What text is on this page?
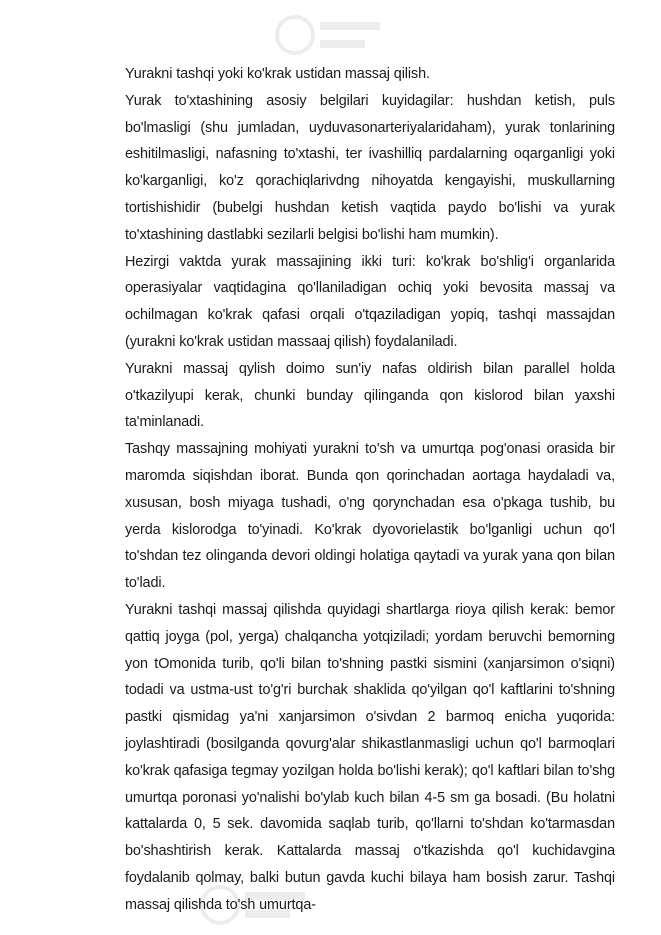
Yurakni tashqi yoki ko'krak ustidan massaj qilish.

Yurak to'xtashining asosiy belgilari kuyidagilar: hushdan ketish, puls bo'lmasligi (shu jumladan, uyduvasonarteriyalaridaham), yurak tonlarining eshitilmasligi, nafasning to'xtashi, ter ivashilliq pardalarning oqarganligi yoki ko'karganligi, ko'z qorachiqlarivdng nihoyatda kengayishi, muskullarning tortishishidir (bubelgi hushdan ketish vaqtida paydo bo'lishi va yurak to'xtashining dastlabki sezilarli belgisi bo'lishi ham mumkin).

Hezirgi vaktda yurak massajining ikki turi: ko'krak bo'shlig'i organlarida operasiyalar vaqtidagina qo'llaniladigan ochiq yoki bevosita massaj va ochilmagan ko'krak qafasi orqali o'tqaziladigan yopiq, tashqi massajdan (yurakni ko'krak ustidan massaaj qilish) foydalaniladi.

Yurakni massaj qylish doimo sun'iy nafas oldirish bilan parallel holda o'tkazilyupi kerak, chunki bunday qilinganda qon kislorod bilan yaxshi ta'minlanadi.

Tashqy massajning mohiyati yurakni to'sh va umurtqa pog'onasi orasida bir maromda siqishdan iborat. Bunda qon qorinchadan aortaga haydaladi va, xususan, bosh miyaga tushadi, o'ng qorynchadan esa o'pkaga tushib, bu yerda kislorodga to'yinadi. Ko'krak dyovorielastik bo'lganligi uchun qo'l to'shdan tez olinganda devori oldingi holatiga qaytadi va yurak yana qon bilan to'ladi.

Yurakni tashqi massaj qilishda quyidagi shartlarga rioya qilish kerak: bemor qattiq joyga (pol, yerga) chalqancha yotqiziladi; yordam beruvchi bemorning yon tOmonida turib, qo'li bilan to'shning pastki sismini (xanjarsimon o'siqni) todadi va ustma-ust to'g'ri burchak shaklida qo'yilgan qo'l kaftlarini to'shning pastki qismidag ya'ni xanjarsimon o'sivdan 2 barmoq enicha yuqorida: joylashtiradi (bosilganda qovurg'alar shikastlanmasligi uchun qo'l barmoqlari ko'krak qafasiga tegmay yozilgan holda bo'lishi kerak); qo'l kaftlari bilan to'shg umurtqa poronasi yo'nalishi bo'ylab kuch bilan 4-5 sm ga bosadi. (Bu holatni kattalarda 0, 5 sek. davomida saqlab turib, qo'llarni to'shdan ko'tarmasdan bo'shashtirish kerak. Kattalarda massaj o'tkazishda qo'l kuchidavgina foydalanib qolmay, balki butun gavda kuchi bilaya ham bosish zarur. Tashqi massaj qilishda to'sh umurtqa-
